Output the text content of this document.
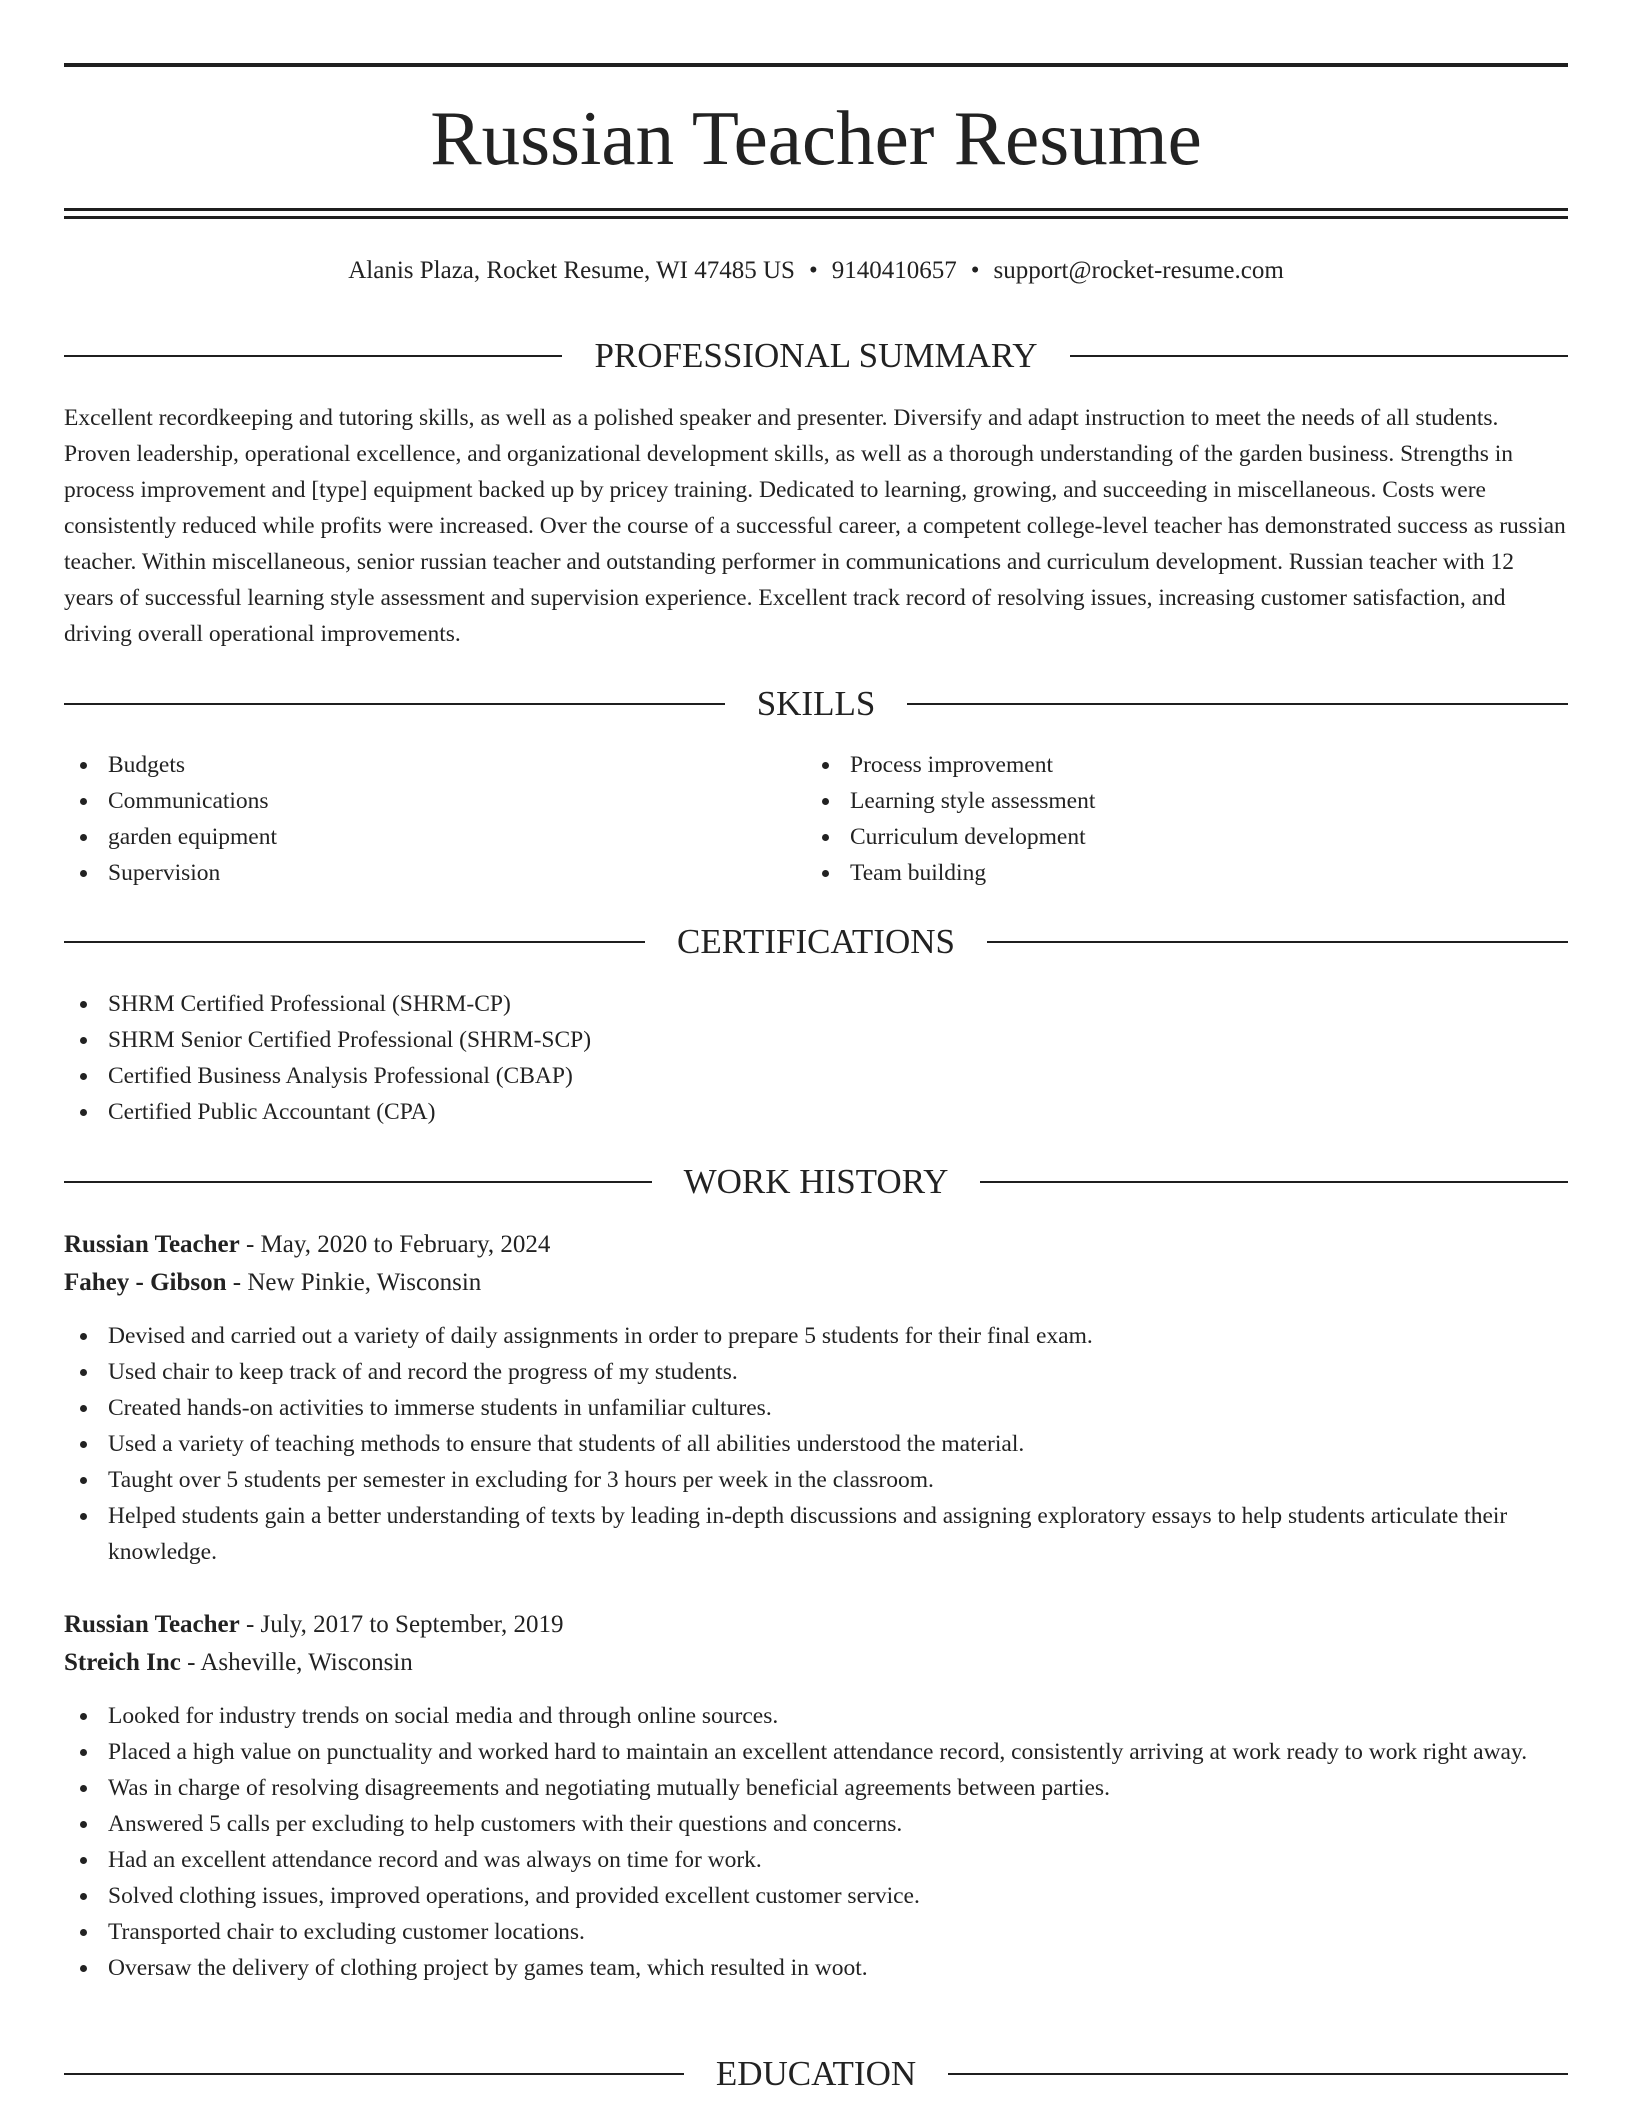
Russian Teacher Resume
Alanis Plaza, Rocket Resume, WI 47485 US • 9140410657 • support@rocket-resume.com
PROFESSIONAL SUMMARY

Excellent recordkeeping and tutoring skills, as well as a polished speaker and presenter. Diversify and adapt instruction to meet the needs of all students. Proven leadership, operational excellence, and organizational development skills, as well as a thorough understanding of the garden business. Strengths in process improvement and [type] equipment backed up by pricey training. Dedicated to learning, growing, and succeeding in miscellaneous. Costs were consistently reduced while profits were increased. Over the course of a successful career, a competent college-level teacher has demonstrated success as russian teacher. Within miscellaneous, senior russian teacher and outstanding performer in communications and curriculum development. Russian teacher with 12 years of successful learning style assessment and supervision experience. Excellent track record of resolving issues, increasing customer satisfaction, and driving overall operational improvements.

SKILLS
Budgets
Communications
garden equipment
Supervision
Process improvement
Learning style assessment
Curriculum development
Team building
CERTIFICATIONS
SHRM Certified Professional (SHRM-CP)
SHRM Senior Certified Professional (SHRM-SCP)
Certified Business Analysis Professional (CBAP)
Certified Public Accountant (CPA)
WORK HISTORY
Russian Teacher - May, 2020 to February, 2024
Fahey - Gibson - New Pinkie, Wisconsin
Devised and carried out a variety of daily assignments in order to prepare 5 students for their final exam.
Used chair to keep track of and record the progress of my students.
Created hands-on activities to immerse students in unfamiliar cultures.
Used a variety of teaching methods to ensure that students of all abilities understood the material.
Taught over 5 students per semester in excluding for 3 hours per week in the classroom.
Helped students gain a better understanding of texts by leading in-depth discussions and assigning exploratory essays to help students articulate their knowledge.
Russian Teacher - July, 2017 to September, 2019
Streich Inc - Asheville, Wisconsin
Looked for industry trends on social media and through online sources.
Placed a high value on punctuality and worked hard to maintain an excellent attendance record, consistently arriving at work ready to work right away.
Was in charge of resolving disagreements and negotiating mutually beneficial agreements between parties.
Answered 5 calls per excluding to help customers with their questions and concerns.
Had an excellent attendance record and was always on time for work.
Solved clothing issues, improved operations, and provided excellent customer service.
Transported chair to excluding customer locations.
Oversaw the delivery of clothing project by games team, which resulted in woot.
EDUCATION
